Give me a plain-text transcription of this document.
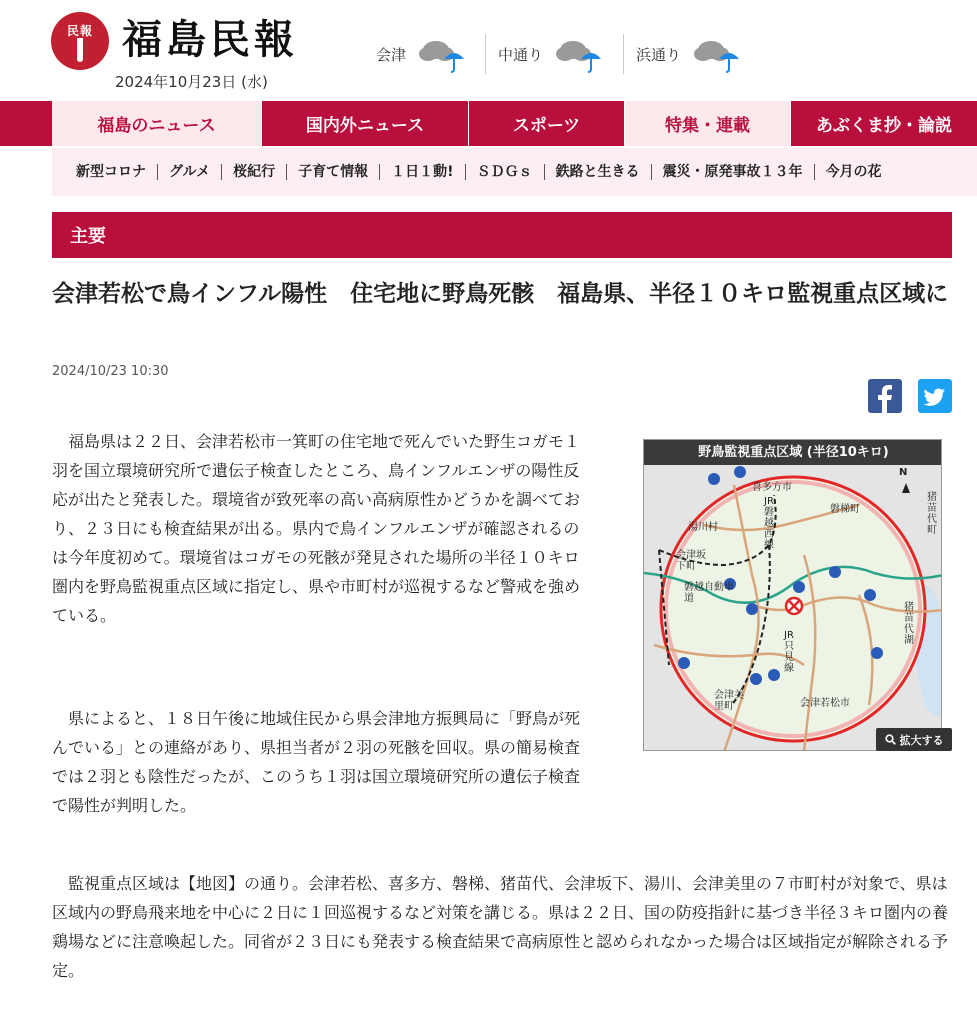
民報 福島民報
2024年10月23日 (水)
会津	中通り	浜通り
福島のニュース	国内外ニュース	スポーツ	特集・連載	あぶくま抄・論説
新型コロナ	グルメ	桜紀行	子育て情報	１日１動!	ＳＤＧｓ	鉄路と生きる	震災・原発事故１３年	今月の花
主要
会津若松で鳥インフル陽性　住宅地に野鳥死骸　福島県、半径１０キロ監視重点区域に
2024/10/23 10:30

福島県は２２日、会津若松市一箕町の住宅地で死んでいた野生コガモ１羽を国立環境研究所で遺伝子検査したところ、鳥インフルエンザの陽性反応が出たと発表した。環境省が致死率の高い高病原性かどうかを調べており、２３日にも検査結果が出る。県内で鳥インフルエンザが確認されるのは今年度初めて。環境省はコガモの死骸が発見された場所の半径１０キロ圏内を野鳥監視重点区域に指定し、県や市町村が巡視するなど警戒を強めている。

県によると、１８日午後に地域住民から県会津地方振興局に「野鳥が死んでいる」との連絡があり、県担当者が２羽の死骸を回収。県の簡易検査では２羽とも陰性だったが、このうち１羽は国立環境研究所の遺伝子検査で陽性が判明した。

監視重点区域は【地図】の通り。会津若松、喜多方、磐梯、猪苗代、会津坂下、湯川、会津美里の７市町村が対象で、県は区域内の野鳥飛来地を中心に２日に１回巡視するなど対策を講じる。県は２２日、国の防疫指針に基づき半径３キロ圏内の養鶏場などに注意喚起した。同省が２３日にも発表する検査結果で高病原性と認められなかった場合は区域指定が解除される予定。

野鳥監視重点区域 (半径10キロ)
喜多方市
磐梯町
猪苗代町
湯川村
会津坂下町
磐越自動車道
猪苗代湖
会津美里町	会津若松市
JR磐越西線
JR只見線
N
拡大する
